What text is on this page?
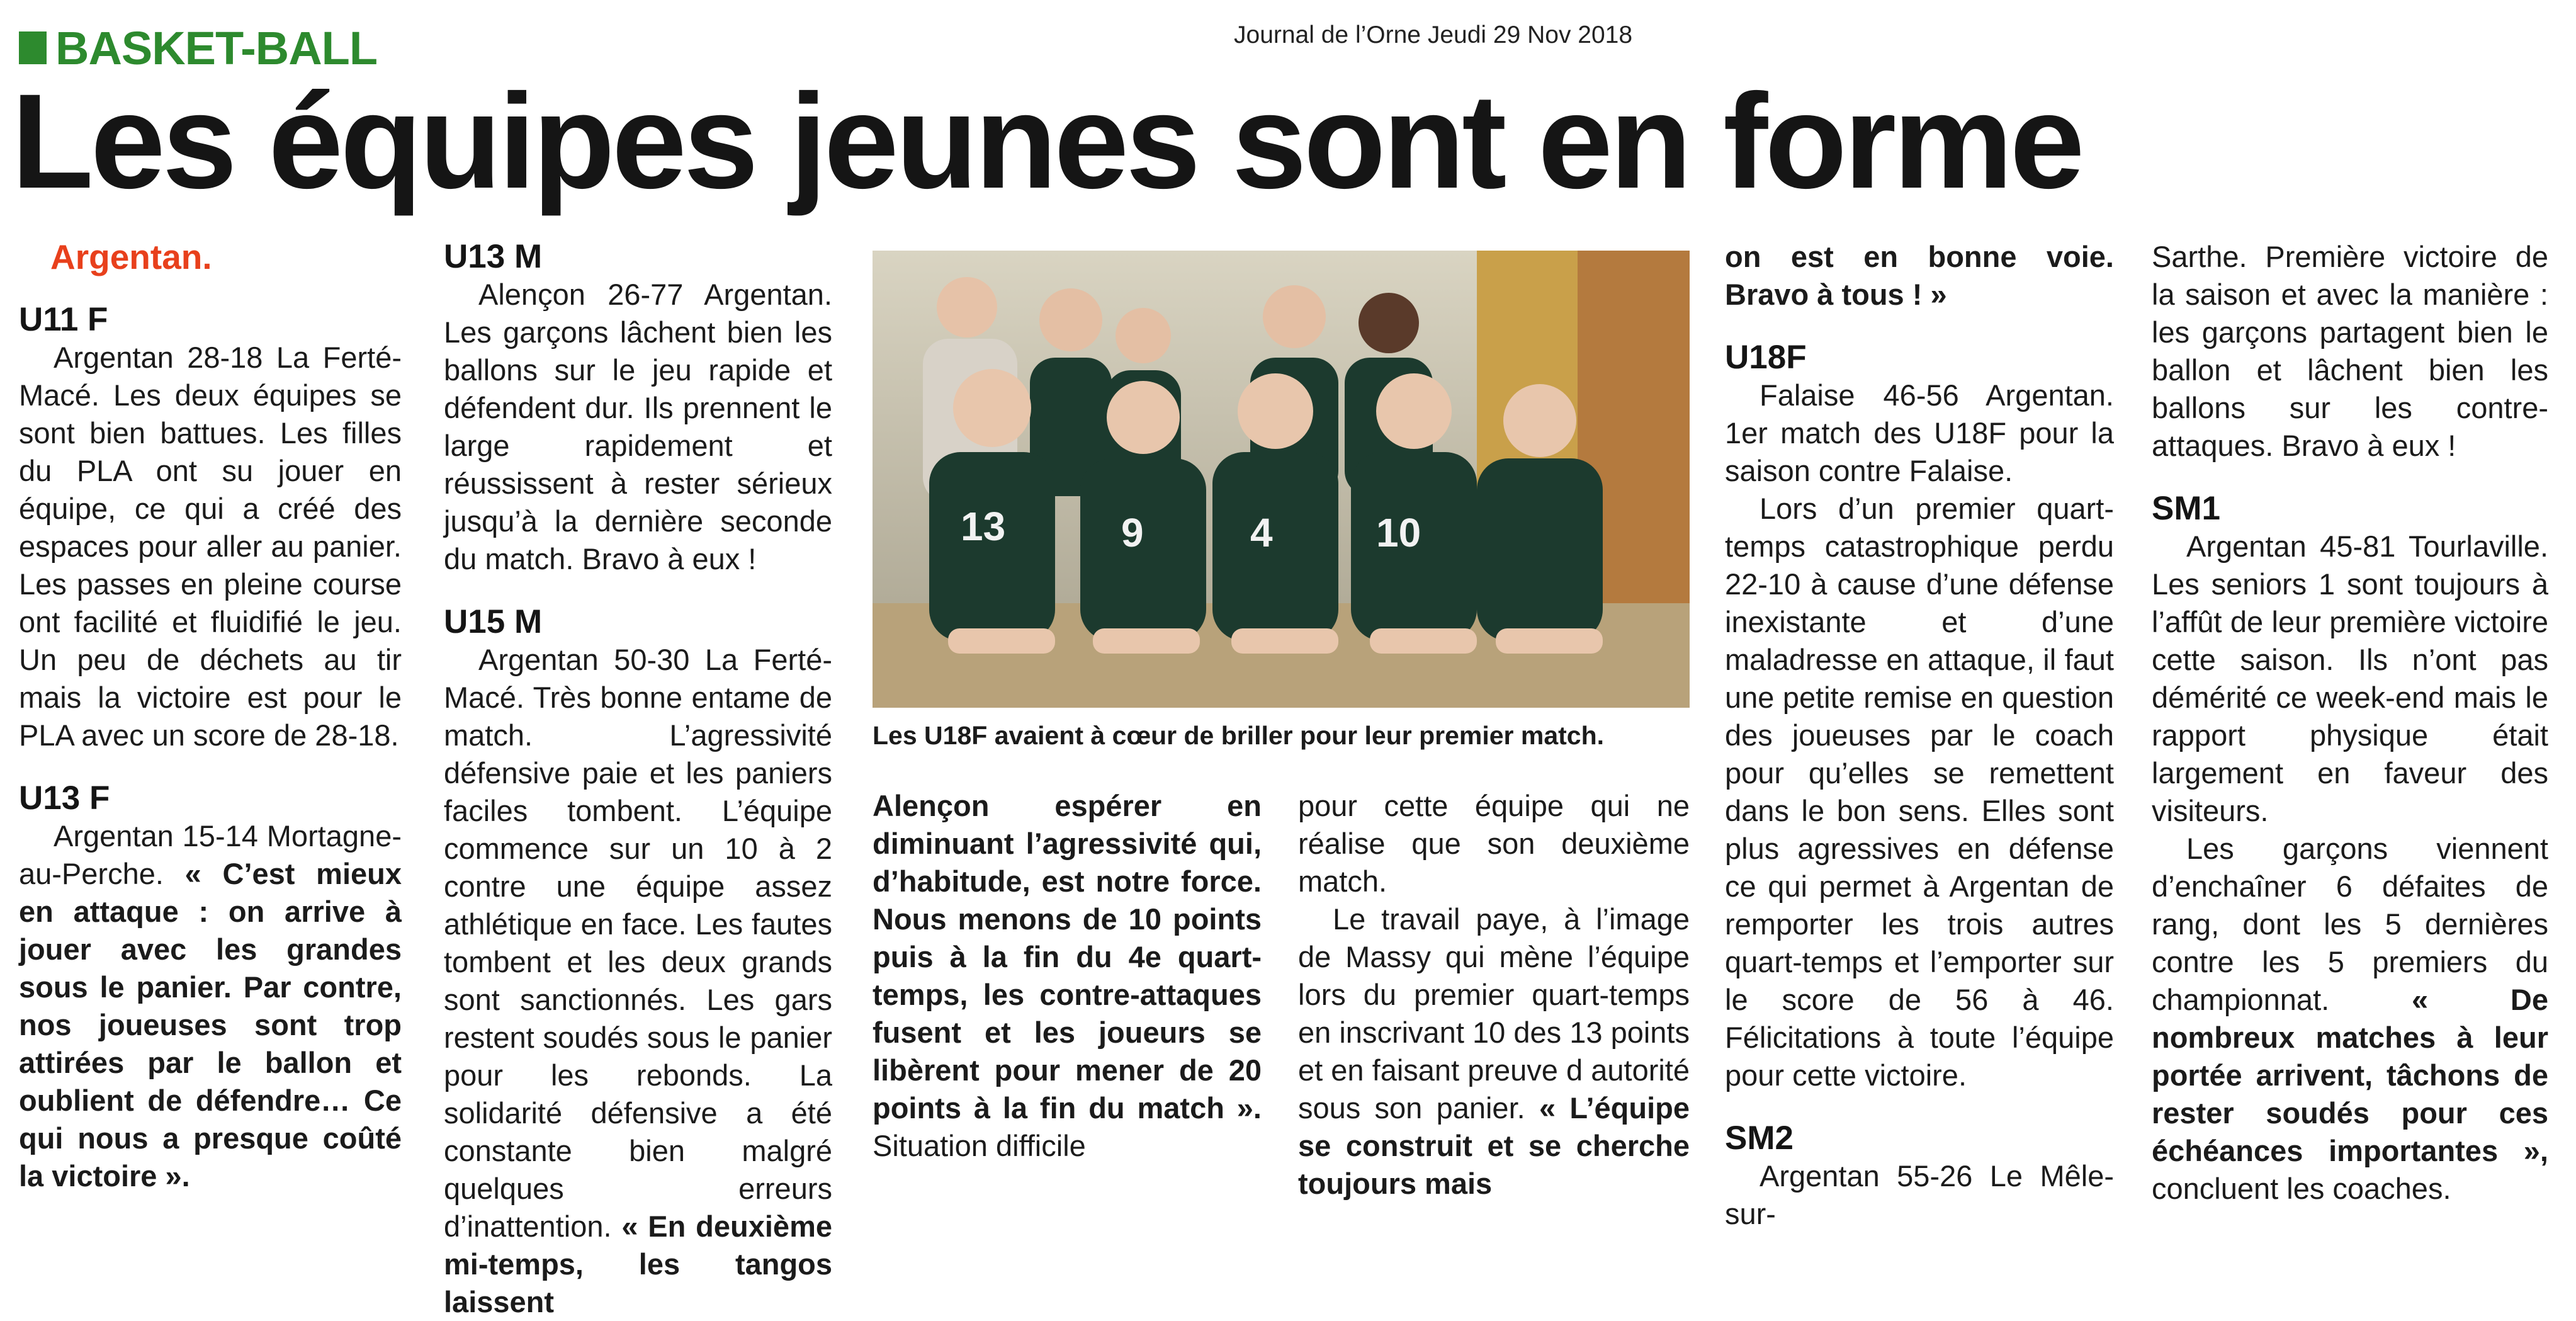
BASKET-BALL	Journal de l’Orne Jeudi 29 Nov 2018
Les équipes jeunes sont en forme
Argentan.
U11 F

Argentan 28-18 La Ferté-Macé. Les deux équipes se sont bien battues. Les filles du PLA ont su jouer en équipe, ce qui a créé des espaces pour aller au panier. Les passes en pleine course ont facilité et fluidifié le jeu. Un peu de déchets au tir mais la victoire est pour le PLA avec un score de 28-18.

U13 F

Argentan 15-14 Mortagne-au-Perche. « C’est mieux en attaque : on arrive à jouer avec les grandes sous le panier. Par contre, nos joueuses sont trop attirées par le ballon et oublient de défendre… Ce qui nous a presque coûté la victoire ».

U13 M

Alençon 26-77 Argentan. Les garçons lâchent bien les ballons sur le jeu rapide et défendent dur. Ils prennent le large rapidement et réussissent à rester sérieux jusqu’à la dernière seconde du match. Bravo à eux !

U15 M

Argentan 50-30 La Ferté-Macé. Très bonne entame de match. L’agressivité défensive paie et les paniers faciles tombent. L’équipe commence sur un 10 à 2 contre une équipe assez athlétique en face. Les fautes tombent et les deux grands sont sanctionnés. Les gars restent soudés sous le panier pour les rebonds. La solidarité défensive a été constante bien malgré quelques erreurs d’inattention. « En deuxième mi-temps, les tangos laissent

13	9	4	10
Les U18F avaient à cœur de briller pour leur premier match.

Alençon espérer en diminuant l’agressivité qui, d’habitude, est notre force. Nous menons de 10 points puis à la fin du 4e quart-temps, les contre-attaques fusent et les joueurs se libèrent pour mener de 20 points à la fin du match ». Situation difficile

pour cette équipe qui ne réalise que son deuxième match.

Le travail paye, à l’image de Massy qui mène l’équipe lors du premier quart-temps en inscrivant 10 des 13 points et en faisant preuve d autorité sous son panier. « L’équipe se construit et se cherche toujours mais

on est en bonne voie. Bravo à tous ! »

U18F

Falaise 46-56 Argentan. 1er match des U18F pour la saison contre Falaise.

Lors d’un premier quart-temps catastrophique perdu 22-10 à cause d’une défense inexistante et d’une maladresse en attaque, il faut une petite remise en question des joueuses par le coach pour qu’elles se remettent dans le bon sens. Elles sont plus agressives en défense ce qui permet à Argentan de remporter les trois autres quart-temps et l’emporter sur le score de 56 à 46. Félicitations à toute l’équipe pour cette victoire.

SM2

Argentan 55-26 Le Mêle-sur-

Sarthe. Première victoire de la saison et avec la manière : les garçons partagent bien le ballon et lâchent bien les ballons sur les contre-attaques. Bravo à eux !

SM1

Argentan 45-81 Tourlaville. Les seniors 1 sont toujours à l’affût de leur première victoire cette saison. Ils n’ont pas démérité ce week-end mais le rapport physique était largement en faveur des visiteurs.

Les garçons viennent d’enchaîner 6 défaites de rang, dont les 5 dernières contre les 5 premiers du championnat.	« De nombreux matches à leur portée arrivent, tâchons de rester soudés pour ces échéances importantes », concluent les coaches.
